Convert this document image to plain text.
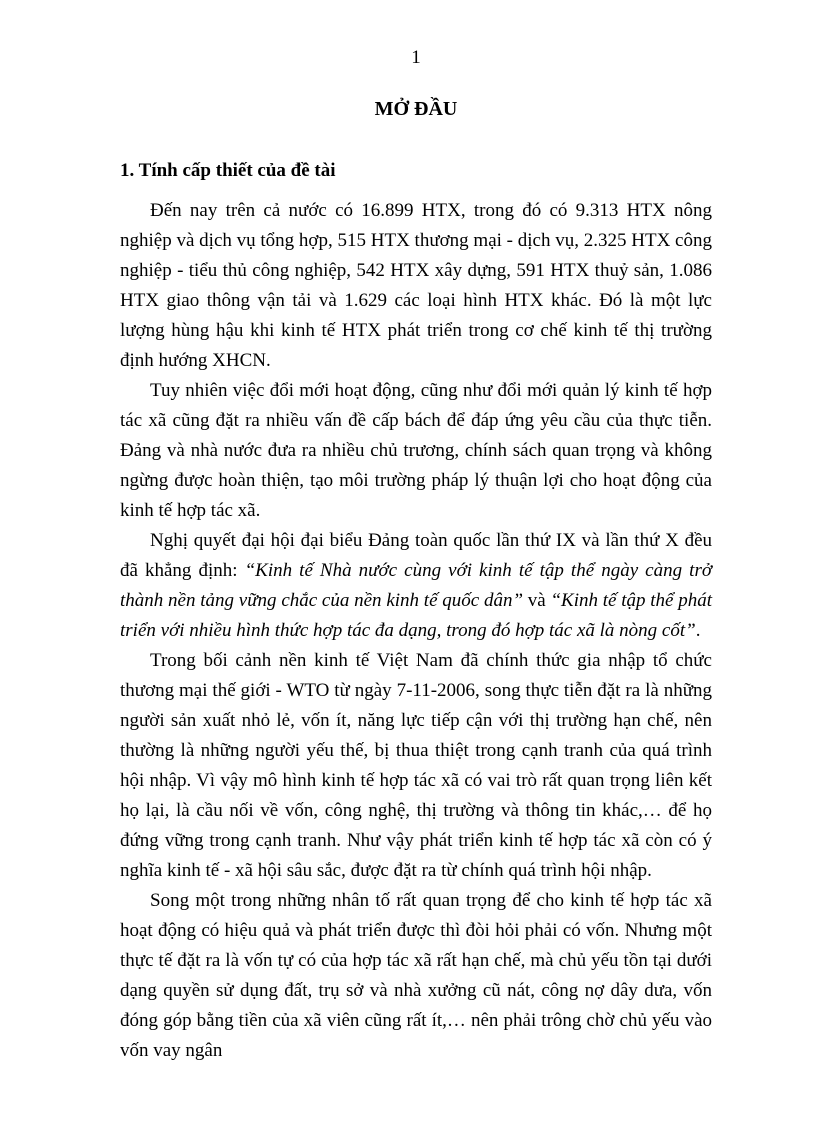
1
MỞ ĐẦU
1. Tính cấp thiết của đề tài

Đến nay trên cả nước có 16.899 HTX, trong đó có 9.313 HTX nông nghiệp và dịch vụ tổng hợp, 515 HTX thương mại - dịch vụ, 2.325 HTX công nghiệp - tiểu thủ công nghiệp, 542 HTX xây dựng, 591 HTX thuỷ sản, 1.086 HTX giao thông vận tải và 1.629 các loại hình HTX khác. Đó là một lực lượng hùng hậu khi kinh tế HTX phát triển trong cơ chế kinh tế thị trường định hướng XHCN.

Tuy nhiên việc đổi mới hoạt động, cũng như đổi mới quản lý kinh tế hợp tác xã cũng đặt ra nhiều vấn đề cấp bách để đáp ứng yêu cầu của thực tiễn. Đảng và nhà nước đưa ra nhiều chủ trương, chính sách quan trọng và không ngừng được hoàn thiện, tạo môi trường pháp lý thuận lợi cho hoạt động của kinh tế hợp tác xã.

Nghị quyết đại hội đại biểu Đảng toàn quốc lần thứ IX và lần thứ X đều đã khẳng định: “Kinh tế Nhà nước cùng với kinh tế tập thể ngày càng trở thành nền tảng vững chắc của nền kinh tế quốc dân” và “Kinh tế tập thể phát triển với nhiều hình thức hợp tác đa dạng, trong đó hợp tác xã là nòng cốt”.

Trong bối cảnh nền kinh tế Việt Nam đã chính thức gia nhập tổ chức thương mại thế giới - WTO từ ngày 7-11-2006, song thực tiễn đặt ra là những người sản xuất nhỏ lẻ, vốn ít, năng lực tiếp cận với thị trường hạn chế, nên thường là những người yếu thế, bị thua thiệt trong cạnh tranh của quá trình hội nhập. Vì vậy mô hình kinh tế hợp tác xã có vai trò rất quan trọng liên kết họ lại, là cầu nối về vốn, công nghệ, thị trường và thông tin khác,… để họ đứng vững trong cạnh tranh. Như vậy phát triển kinh tế hợp tác xã còn có ý nghĩa kinh tế - xã hội sâu sắc, được đặt ra từ chính quá trình hội nhập.

Song một trong những nhân tố rất quan trọng để cho kinh tế hợp tác xã hoạt động có hiệu quả và phát triển được thì đòi hỏi phải có vốn. Nhưng một thực tế đặt ra là vốn tự có của hợp tác xã rất hạn chế, mà chủ yếu tồn tại dưới dạng quyền sử dụng đất, trụ sở và nhà xưởng cũ nát, công nợ dây dưa, vốn đóng góp bằng tiền của xã viên cũng rất ít,… nên phải trông chờ chủ yếu vào vốn vay ngân
